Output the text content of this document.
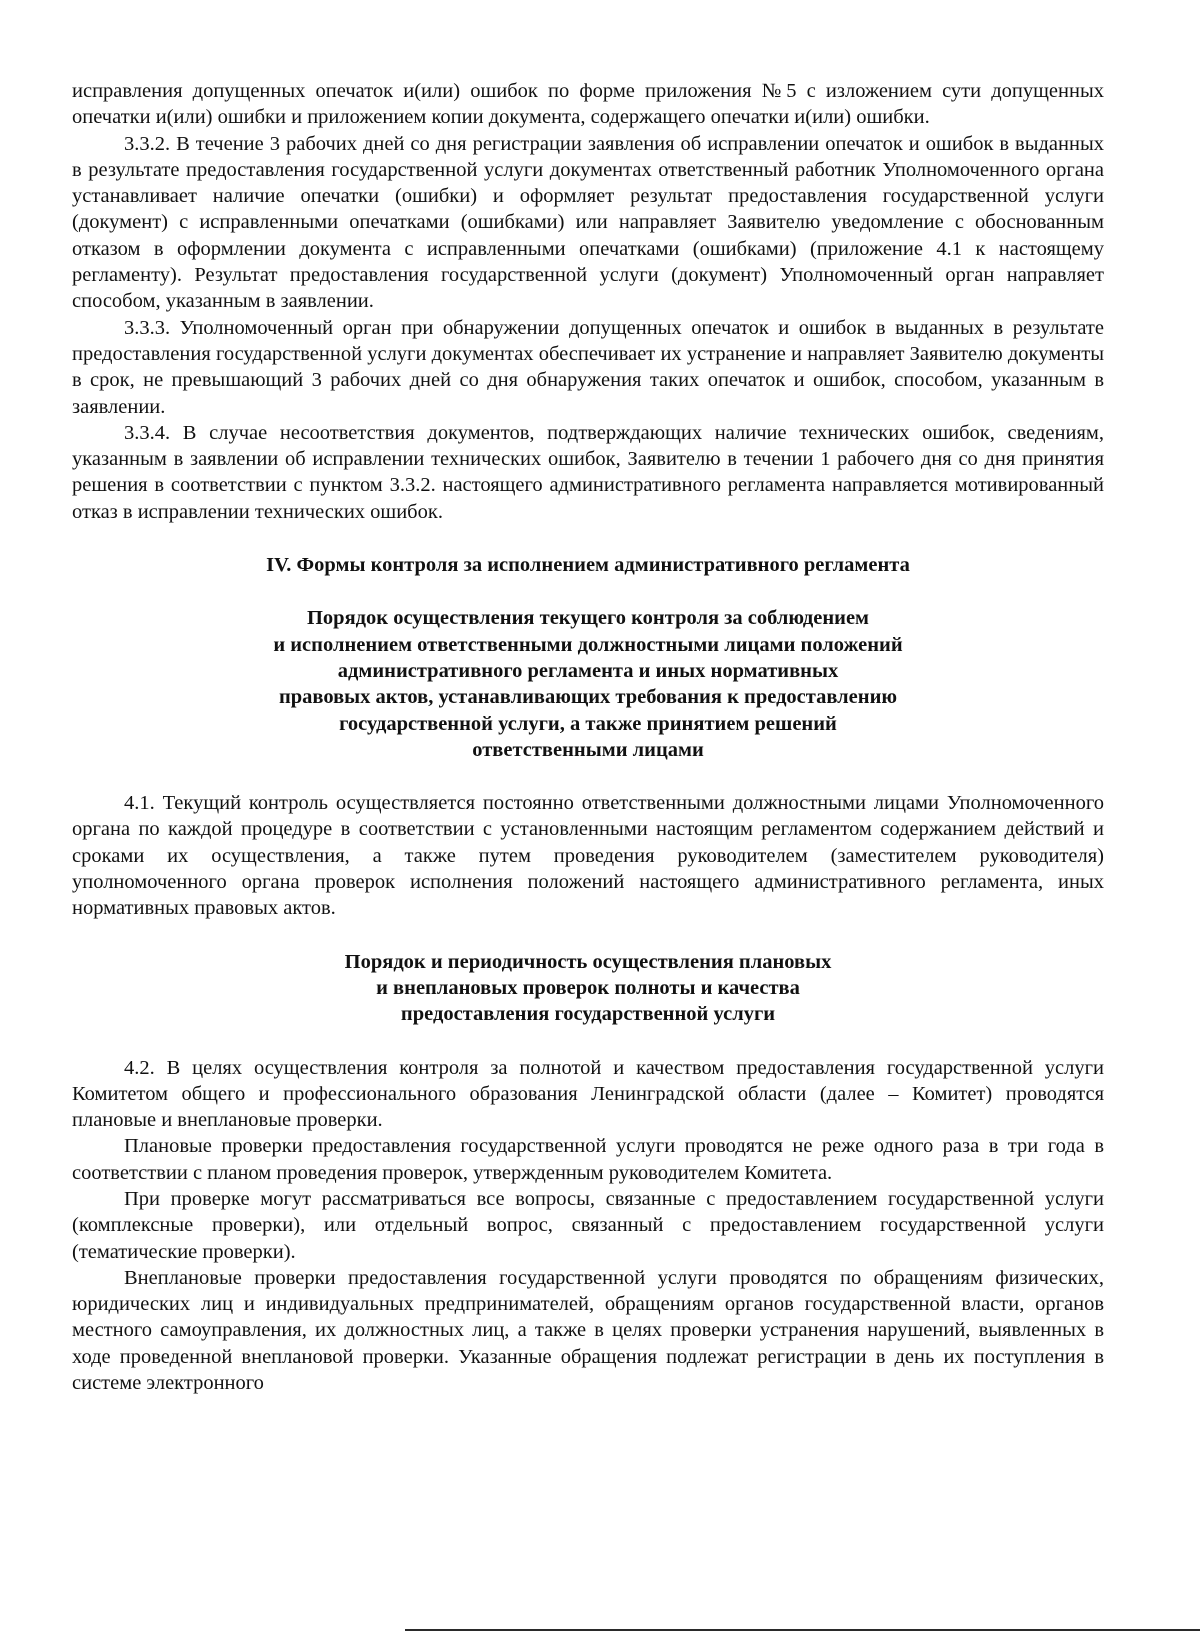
исправления допущенных опечаток и(или) ошибок по форме приложения №5 с изложением сути допущенных опечатки и(или) ошибки и приложением копии документа, содержащего опечатки и(или) ошибки.

3.3.2. В течение 3 рабочих дней со дня регистрации заявления об исправлении опечаток и ошибок в выданных в результате предоставления государственной услуги документах ответственный работник Уполномоченного органа устанавливает наличие опечатки (ошибки) и оформляет результат предоставления государственной услуги (документ) с исправленными опечатками (ошибками) или направляет Заявителю уведомление с обоснованным отказом в оформлении документа с исправленными опечатками (ошибками) (приложение 4.1 к настоящему регламенту). Результат предоставления государственной услуги (документ) Уполномоченный орган направляет способом, указанным в заявлении.

3.3.3. Уполномоченный орган при обнаружении допущенных опечаток и ошибок в выданных в результате предоставления государственной услуги документах обеспечивает их устранение и направляет Заявителю документы в срок, не превышающий 3 рабочих дней со дня обнаружения таких опечаток и ошибок, способом, указанным в заявлении.

3.3.4. В случае несоответствия документов, подтверждающих наличие технических ошибок, сведениям, указанным в заявлении об исправлении технических ошибок, Заявителю в течении 1 рабочего дня со дня принятия решения в соответствии с пунктом 3.3.2. настоящего административного регламента направляется мотивированный отказ в исправлении технических ошибок.

IV. Формы контроля за исполнением административного регламента
Порядок осуществления текущего контроля за соблюдением
и исполнением ответственными должностными лицами положений
административного регламента и иных нормативных
правовых актов, устанавливающих требования к предоставлению
государственной услуги, а также принятием решений
ответственными лицами

4.1. Текущий контроль осуществляется постоянно ответственными должностными лицами Уполномоченного органа по каждой процедуре в соответствии с установленными настоящим регламентом содержанием действий и сроками их осуществления, а также путем проведения руководителем (заместителем руководителя) уполномоченного органа проверок исполнения положений настоящего административного регламента, иных нормативных правовых актов.

Порядок и периодичность осуществления плановых
и внеплановых проверок полноты и качества
предоставления государственной услуги

4.2. В целях осуществления контроля за полнотой и качеством предоставления государственной услуги Комитетом общего и профессионального образования Ленинградской области (далее – Комитет) проводятся плановые и внеплановые проверки.

Плановые проверки предоставления государственной услуги проводятся не реже одного раза в три года в соответствии с планом проведения проверок, утвержденным руководителем Комитета.

При проверке могут рассматриваться все вопросы, связанные с предоставлением государственной услуги (комплексные проверки), или отдельный вопрос, связанный с предоставлением государственной услуги (тематические проверки).

Внеплановые проверки предоставления государственной услуги проводятся по обращениям физических, юридических лиц и индивидуальных предпринимателей, обращениям органов государственной власти, органов местного самоуправления, их должностных лиц, а также в целях проверки устранения нарушений, выявленных в ходе проведенной внеплановой проверки. Указанные обращения подлежат регистрации в день их поступления в системе электронного
